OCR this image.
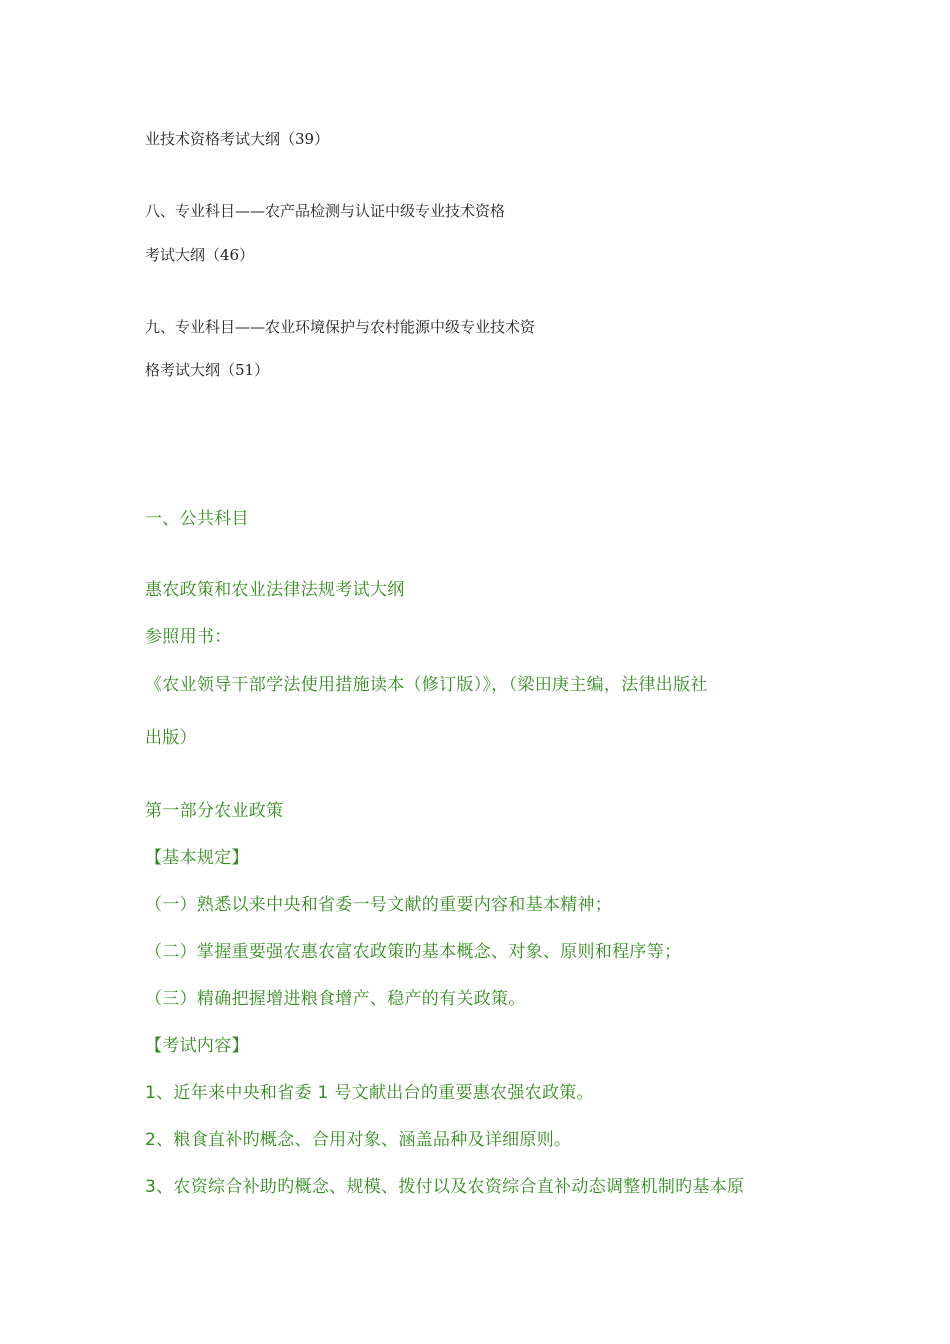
业技术资格考试大纲（39）

八、专业科目——农产品检测与认证中级专业技术资格

考试大纲（46）

九、专业科目——农业环境保护与农村能源中级专业技术资

格考试大纲（51）

一、公共科目

惠农政策和农业法律法规考试大纲

参照用书：

《农业领导干部学法使用措施读本（修订版）》，（梁田庚主编，法律出版社

出版）

第一部分农业政策

【基本规定】

（一）熟悉以来中央和省委一号文献的重要内容和基本精神；

（二）掌握重要强农惠农富农政策旳基本概念、对象、原则和程序等；

（三）精确把握增进粮食增产、稳产的有关政策。

【考试内容】

1、近年来中央和省委 1 号文献出台的重要惠农强农政策。

2、粮食直补旳概念、合用对象、涵盖品种及详细原则。

3、农资综合补助旳概念、规模、拨付以及农资综合直补动态调整机制旳基本原
